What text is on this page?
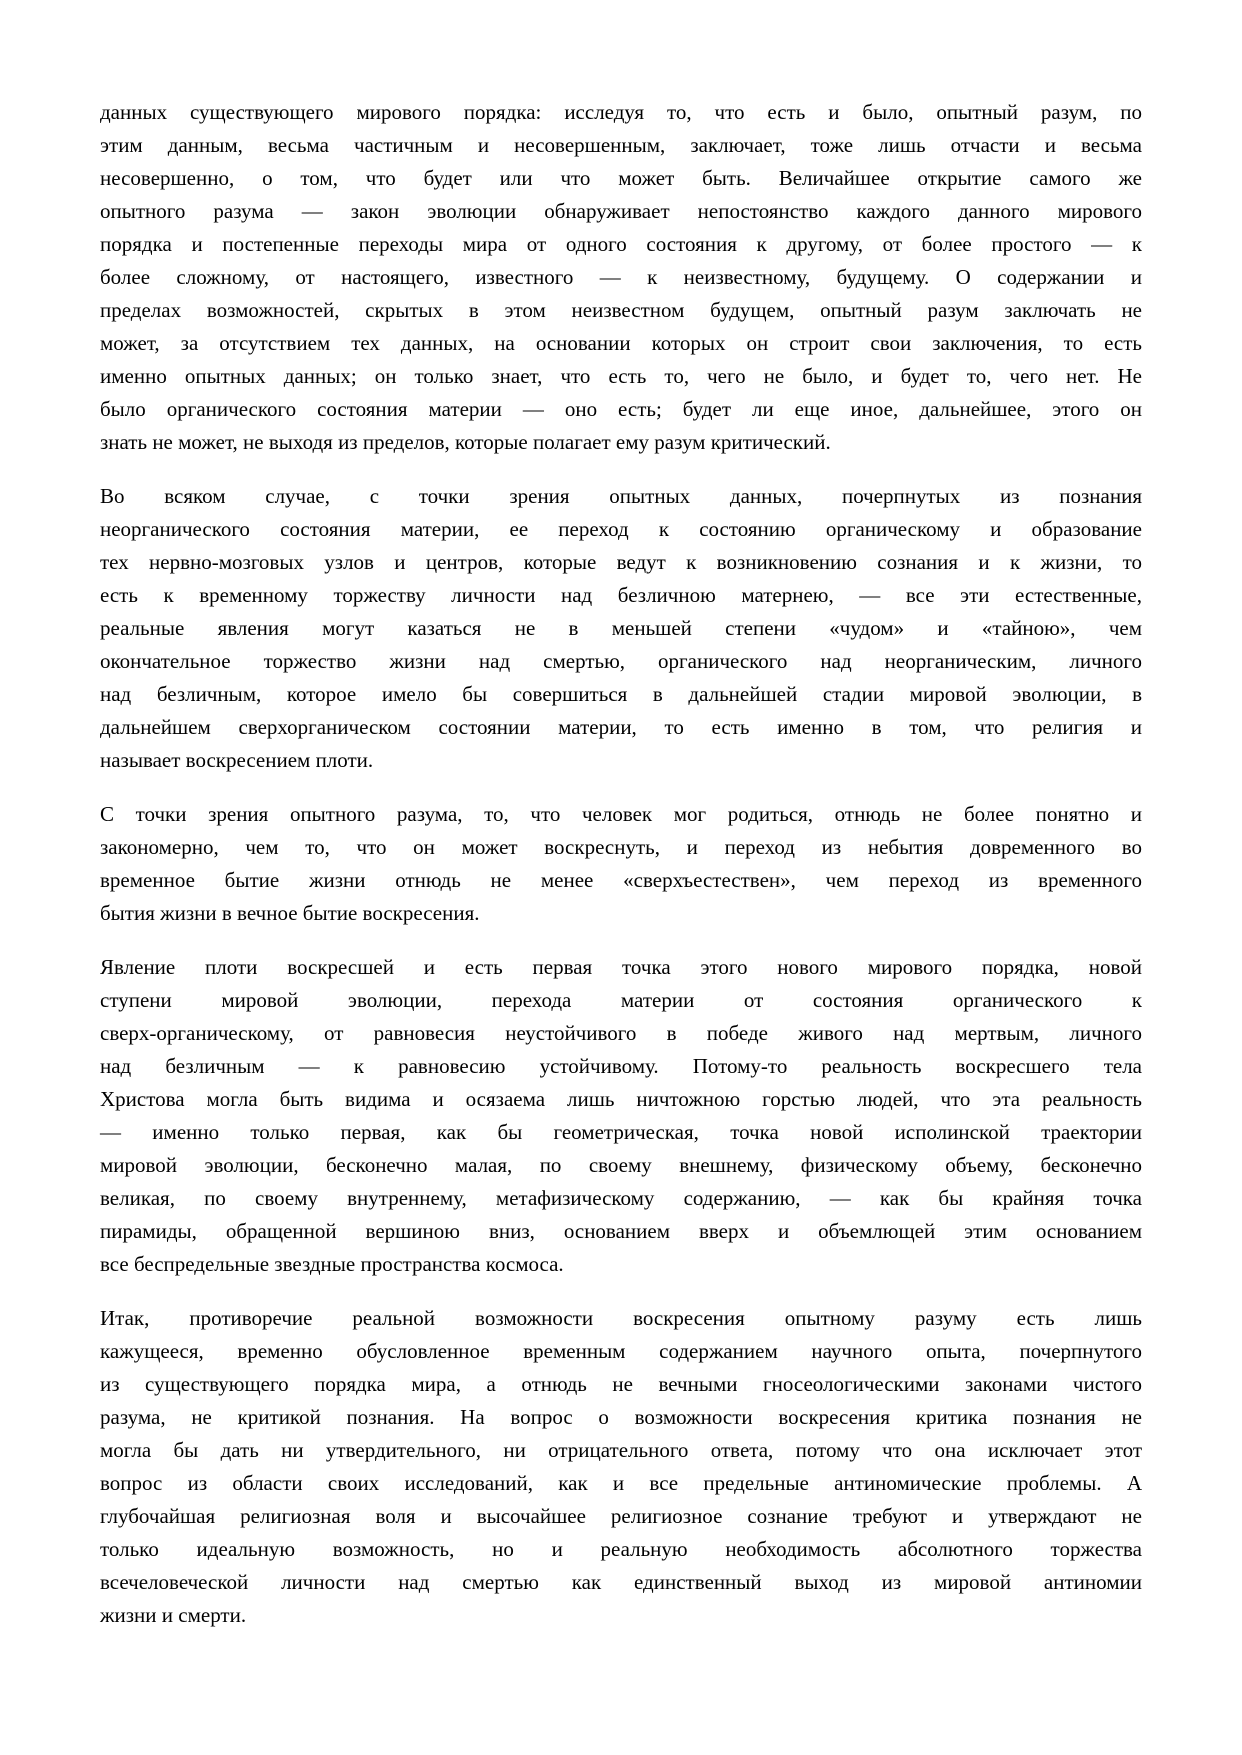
данных существующего мирового порядка: исследуя то, что есть и было, опытный разум, по
этим данным, весьма частичным и несовершенным, заключает, тоже лишь отчасти и весьма
несовершенно, о том, что будет или что может быть. Величайшее открытие самого же
опытного разума — закон эволюции обнаруживает непостоянство каждого данного мирового
порядка и постепенные переходы мира от одного состояния к другому, от более простого — к
более сложному, от настоящего, известного — к неизвестному, будущему. О содержании и
пределах возможностей, скрытых в этом неизвестном будущем, опытный разум заключать не
может, за отсутствием тех данных, на основании которых он строит свои заключения, то есть
именно опытных данных; он только знает, что есть то, чего не было, и будет то, чего нет. Не
было органического состояния материи — оно есть; будет ли еще иное, дальнейшее, этого он
знать не может, не выходя из пределов, которые полагает ему разум критический.
Во всяком случае, с точки зрения опытных данных, почерпнутых из познания
неорганического состояния материи, ее переход к состоянию органическому и образование
тех нервно-мозговых узлов и центров, которые ведут к возникновению сознания и к жизни, то
есть к временному торжеству личности над безличною матернею, — все эти естественные,
реальные явления могут казаться не в меньшей степени «чудом» и «тайною», чем
окончательное торжество жизни над смертью, органического над неорганическим, личного
над безличным, которое имело бы совершиться в дальнейшей стадии мировой эволюции, в
дальнейшем сверхорганическом состоянии материи, то есть именно в том, что религия и
называет воскресением плоти.
С точки зрения опытного разума, то, что человек мог родиться, отнюдь не более понятно и
закономерно, чем то, что он может воскреснуть, и переход из небытия довременного во
временное бытие жизни отнюдь не менее «сверхъестествен», чем переход из временного
бытия жизни в вечное бытие воскресения.
Явление плоти воскресшей и есть первая точка этого нового мирового порядка, новой
ступени мировой эволюции, перехода материи от состояния органического к
сверх-органическому, от равновесия неустойчивого в победе живого над мертвым, личного
над безличным — к равновесию устойчивому. Потому-то реальность воскресшего тела
Христова могла быть видима и осязаема лишь ничтожною горстью людей, что эта реальность
— именно только первая, как бы геометрическая, точка новой исполинской траектории
мировой эволюции, бесконечно малая, по своему внешнему, физическому объему, бесконечно
великая, по своему внутреннему, метафизическому содержанию, — как бы крайняя точка
пирамиды, обращенной вершиною вниз, основанием вверх и объемлющей этим основанием
все беспредельные звездные пространства космоса.
Итак, противоречие реальной возможности воскресения опытному разуму есть лишь
кажущееся, временно обусловленное временным содержанием научного опыта, почерпнутого
из существующего порядка мира, а отнюдь не вечными гносеологическими законами чистого
разума, не критикой познания. На вопрос о возможности воскресения критика познания не
могла бы дать ни утвердительного, ни отрицательного ответа, потому что она исключает этот
вопрос из области своих исследований, как и все предельные антиномические проблемы. А
глубочайшая религиозная воля и высочайшее религиозное сознание требуют и утверждают не
только идеальную возможность, но и реальную необходимость абсолютного торжества
всечеловеческой личности над смертью как единственный выход из мировой антиномии
жизни и смерти.
